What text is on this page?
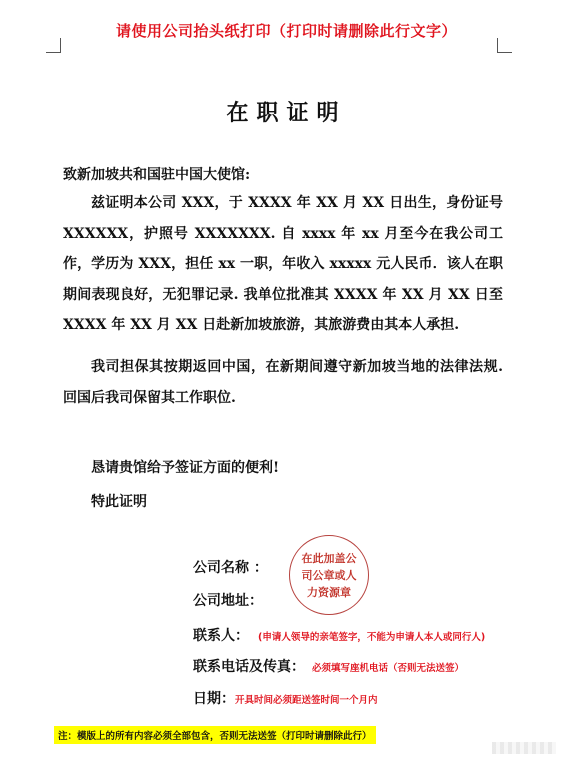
请使用公司抬头纸打印（打印时请删除此行文字）
在职证明
致新加坡共和国驻中国大使馆:
兹证明本公司 XXX，于 XXXX 年 XX 月 XX 日出生，身份证号 XXXXXX，护照号 XXXXXXX. 自 xxxx 年 xx 月至今在我公司工作，学历为 XXX，担任 xx 一职，年收入 xxxxx 元人民币．该人在职期间表现良好，无犯罪记录. 我单位批准其 XXXX 年 XX 月 XX 日至 XXXX 年 XX 月 XX 日赴新加坡旅游，其旅游费由其本人承担.
我司担保其按期返回中国，在新期间遵守新加坡当地的法律法规. 回国后我司保留其工作职位.
恳请贵馆给予签证方面的便利!
特此证明
公司名称 ：
公司地址：
联系人： (申请人领导的亲笔签字，不能为申请人本人或同行人)
联系电话及传真： 必须填写座机电话（否则无法送签）
日期： 开具时间必须距送签时间一个月内
在此加盖公
司公章或人
力资源章
注：模版上的所有内容必须全部包含，否则无法送签（打印时请删除此行）
